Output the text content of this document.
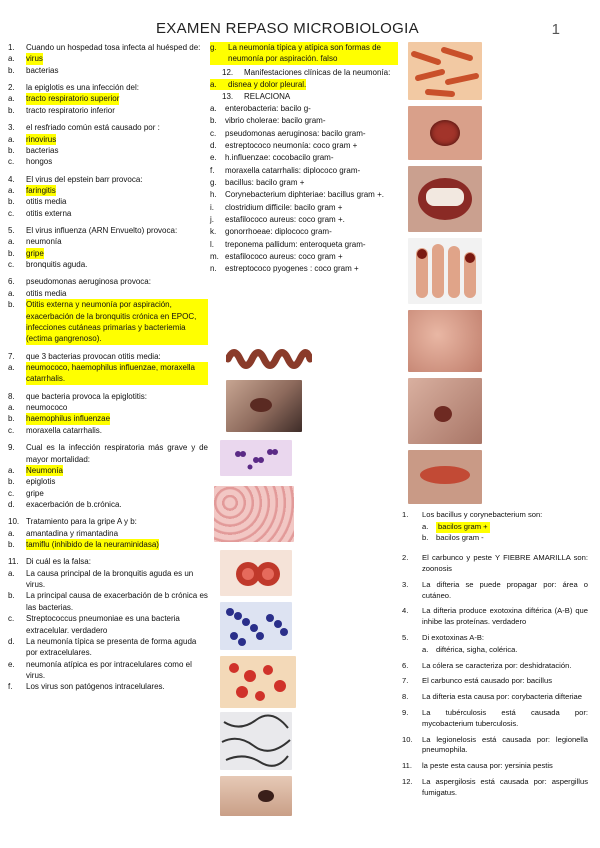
EXAMEN REPASO MICROBIOLOGIA	1
1.	Cuando un hospedad tosa infecta al huésped de:
a.	virus
b.	bacterias
2.	la epiglotis es una infección del:
a.	tracto respiratorio superior
b.	tracto respiratorio inferior
3.	el resfriado común está causado por :
a.	rinovirus
b.	bacterias
c.	hongos
4.	El virus del epstein barr provoca:
a.	faringitis
b.	otitis media
c.	otitis externa
5.	El virus influenza (ARN Envuelto) provoca:
a.	neumonía
b.	gripe
c.	bronquitis aguda.
6.	pseudomonas aeruginosa provoca:
a.	otitis media
b.	Otitis externa y neumonía por aspiración, exacerbación de la bronquitis crónica en EPOC, infecciones cutáneas primarias y bacteriemia (ectima gangrenoso).
7.	que 3 bacterias provocan otitis media:
a.	neumococo, haemophilus influenzae, moraxella catarrhalis.
8.	que bacteria provoca la epiglotitis:
a.	neumococo
b.	haemophilus influenzae
c.	moraxella catarrhalis.
9.	Cual es la infección respiratoria más grave y de mayor mortalidad:
a.	Neumonía
b.	epiglotis
c.	gripe
d.	exacerbación de b.crónica.
10. Tratamiento para la gripe A y b:
a.	amantadina y rimantadina
b.	tamiflu (inhibido de la neuraminidasa)
11. Di cuál es la falsa:
a.	La causa principal de la bronquitis aguda es un virus.
b.	La principal causa de exacerbación de b crónica es las bacterias.
c.	Streptococcus pneumoniae es una bacteria extracelular. verdadero
d.	La neumonía típica se presenta de forma aguda por extracelulares.
e.	neumonía atípica es por intracelulares como el virus.
f.	Los virus son patógenos intracelulares.
g.	La neumonía típica y atípica son formas de neumonía por aspiración. falso
12.	Manifestaciones clínicas de la neumonía:
a.	disnea y dolor pleural.
13.	RELACIONA
a.	enterobacteria: bacilo g-
b.	vibrio cholerae: bacilo gram-
c.	pseudomonas aeruginosa: bacilo gram-
d.	estreptococo neumonía: coco gram +
e.	h.influenzae: cocobacilo gram-
f.	moraxella catarrhalis: diplococo gram-
g.	bacillus: bacilo gram +
h.	Corynebacterium diphteriae: bacillus gram +.
i.	clostridium difficile: bacilo gram +
j.	estafilococo aureus: coco gram +.
k.	gonorrhoeae: diplococo gram-
l.	treponema pallidum: enteroqueta gram-
m. estafilococo aureus: coco gram +
n.	estreptococo pyogenes : coco gram +
1.	Los bacillus y corynebacterium son:
a.	bacilos gram +
b.	bacilos gram -
2.	El carbunco y peste Y FIEBRE AMARILLA son: zoonosis
3.	La difteria se puede propagar por: área o cutáneo.
4.	La difteria produce exotoxina diftérica (A-B) que inhibe las proteínas. verdadero
5.	Di exotoxinas A-B:
a.	diftérica, sigha, colérica.
6.	La cólera se caracteriza por: deshidratación.
7.	El carbunco está causado por: bacillus
8.	La difteria esta causa por: corybacteria difteriae
9.	La tubérculosis está causada por: mycobacterium tuberculosis.
10.	La legionelosis está causada por: legionella pneumophila.
11.	la peste esta causa por: yersinia pestis
12.	La aspergilosis está causada por: aspergillus fumigatus.
